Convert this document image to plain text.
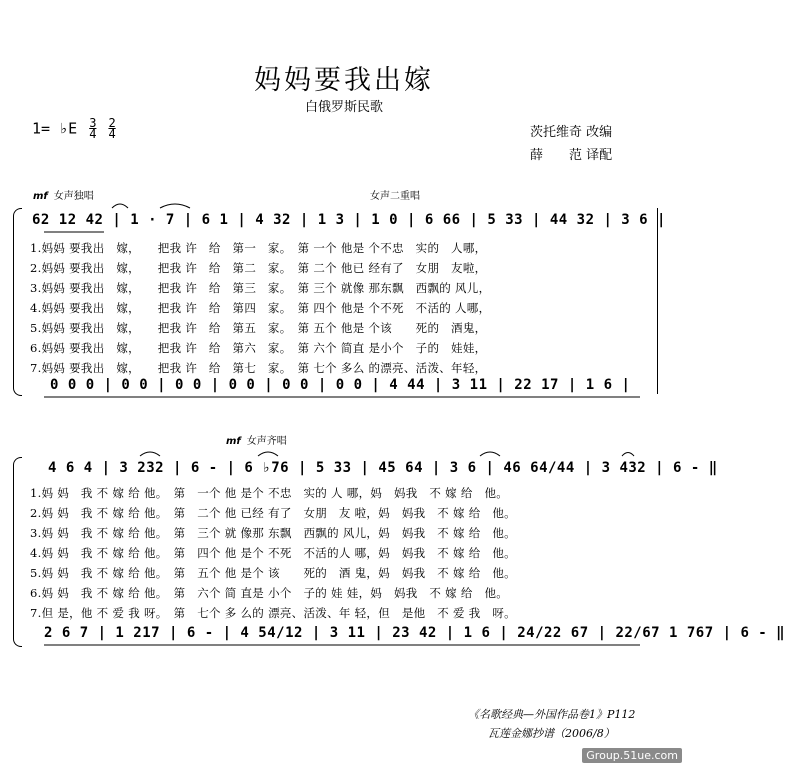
妈妈要我出嫁
白俄罗斯民歌
1= ♭E $\frac{3}{4} \frac{2}{4}$	茨托维奇 改编
薛　　范 译配
mf 女声独唱	女声二重唱
62 12 42 | 1 · 7 | 6 1 | 4 32 | 1 3 | 1 0 | 6 66 | 5 33 | 44 32 | 3 6 |
1.妈妈 要我出　嫁，　　把我 许　给　第一　家。　第 一个 他是 个不忠　实的　人哪，
2.妈妈 要我出　嫁，　　把我 许　给　第二　家。　第 二个 他已 经有了　女朋　友啦，
3.妈妈 要我出　嫁，　　把我 许　给　第三　家。　第 三个 就像 那东飘　西飘的 风儿，
4.妈妈 要我出　嫁，　　把我 许　给　第四　家。　第 四个 他是 个不死　不活的 人哪，
5.妈妈 要我出　嫁，　　把我 许　给　第五　家。　第 五个 他是 个该　　死的　酒鬼，
6.妈妈 要我出　嫁，　　把我 许　给　第六　家。　第 六个 简直 是小个　子的　娃娃，
7.妈妈 要我出　嫁，　　把我 许　给　第七　家。　第 七个 多么 的漂亮、活泼、年轻，
0 0 0 | 0 0 | 0 0 | 0 0 | 0 0 | 0 0 | 4 44 | 3 11 | 22 17 | 1 6 |
mf 女声齐唱
4 6 4 | 3 232 | 6 - | 6 ♭76 | 5 33 | 45 64 | 3 6 | 46 64/44 | 3 432 | 6 - ‖
1.妈 妈　我 不 嫁 给 他。　第　一个 他 是个 不忠　实的 人 哪，妈　妈我　不 嫁 给　他。
2.妈 妈　我 不 嫁 给 他。　第　二个 他 已经 有了　女朋　友 啦，妈　妈我　不 嫁 给　他。
3.妈 妈　我 不 嫁 给 他。　第　三个 就 像那 东飘　西飘的 风儿，妈　妈我　不 嫁 给　他。
4.妈 妈　我 不 嫁 给 他。　第　四个 他 是个 不死　不活的人 哪，妈　妈我　不 嫁 给　他。
5.妈 妈　我 不 嫁 给 他。　第　五个 他 是个 该　　死的　酒 鬼，妈　妈我　不 嫁 给　他。
6.妈 妈　我 不 嫁 给 他。　第　六个 简 直是 小个　子的 娃 娃，妈　妈我　不 嫁 给　他。
7.但 是，他 不 爱 我 呀。　第　七个 多 么的 漂亮、活泼、年 轻，但　是他　不 爱 我　呀。
2 6 7 | 1 217 | 6 - | 4 54/12 | 3 11 | 23 42 | 1 6 | 24/22 67 | 22/67 1 767 | 6 - ‖
《名歌经典—外国作品卷1》P112
瓦莲金娜抄谱（2006/8）
Group.51ue.com
